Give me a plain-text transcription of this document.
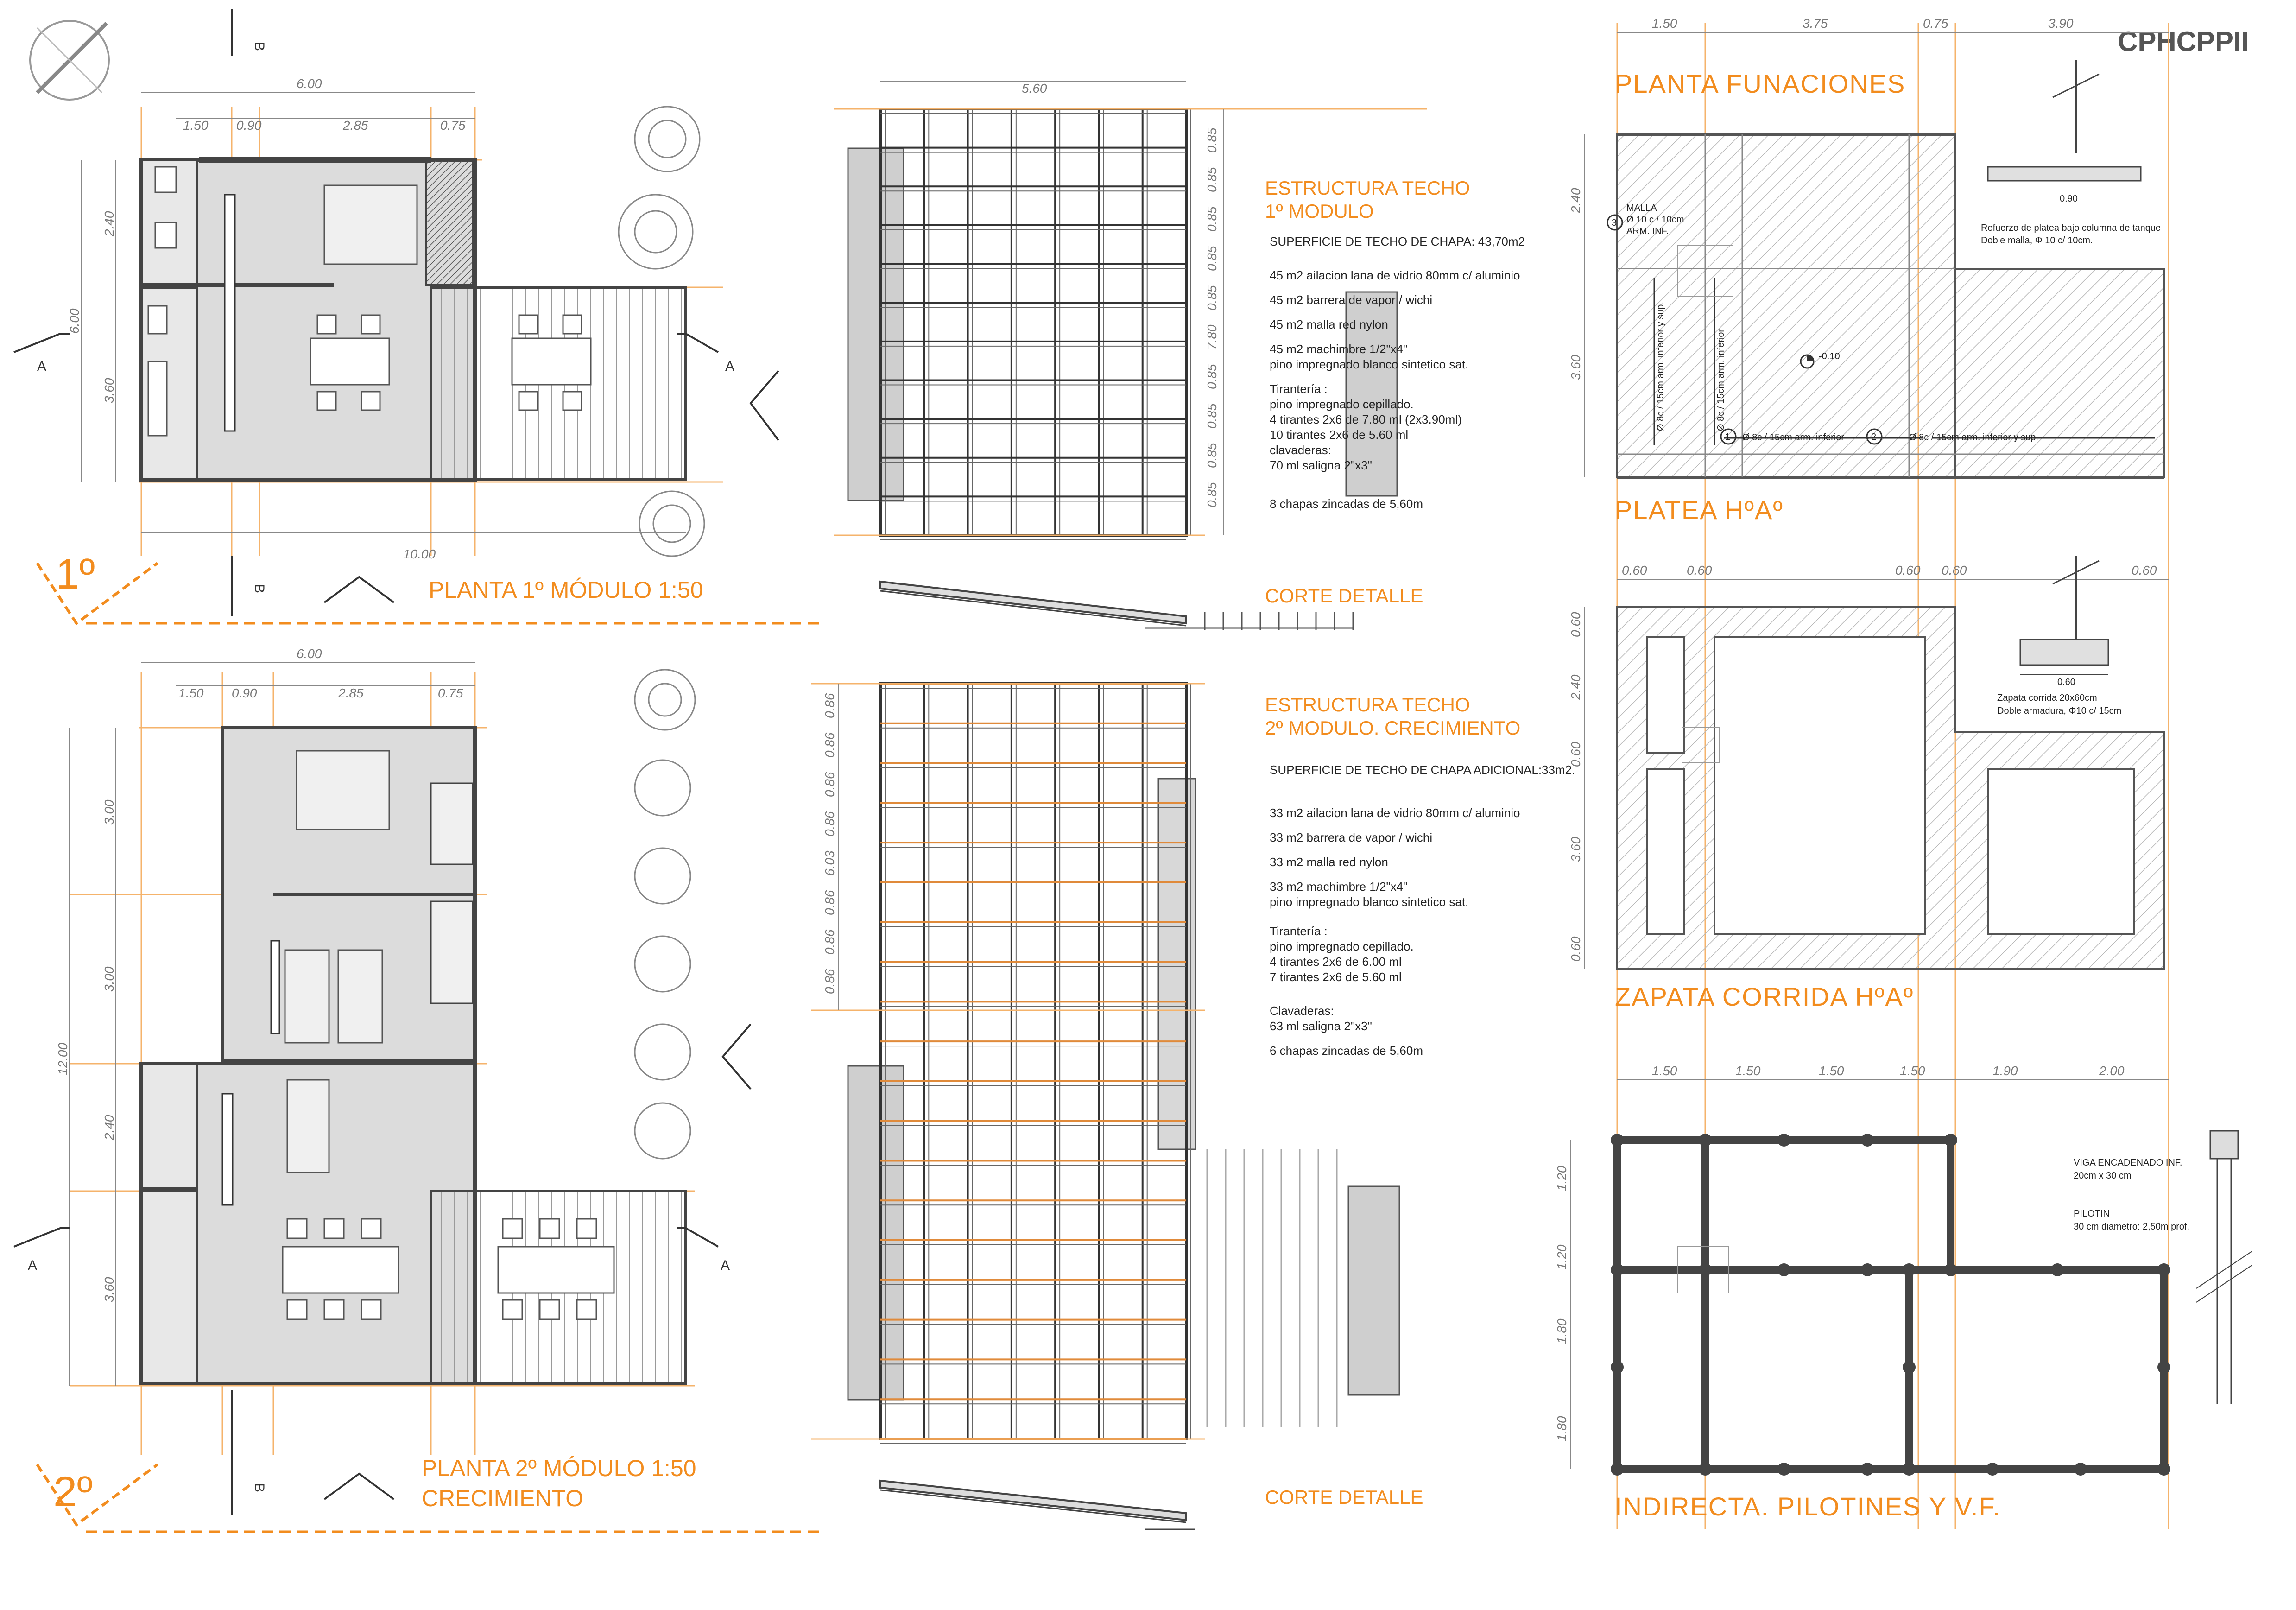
CPHCPPII
6.00
1.50 0.90	2.85	0.75
2.40
6.00
3.60
10.00
A	A
B
B
1º	PLANTA 1º MÓDULO 1:50
6.00
1.50 0.90	2.85	0.75
3.00
3.00
12.00
2.40
3.60
A	A
B
2º	PLANTA 2º MÓDULO 1:50
CRECIMIENTO
5.60
0.85
0.85
0.85
0.85
0.85
7.80
0.85
0.85
0.85
0.85
ESTRUCTURA TECHO
1º MODULO
SUPERFICIE DE TECHO DE CHAPA: 43,70m2
45 m2 ailacion lana de vidrio 80mm c/ aluminio
45 m2 barrera de vapor / wichi
45 m2 malla red nylon
45 m2 machimbre 1/2"x4"
pino impregnado blanco sintetico sat.
Tirantería :
pino impregnado cepillado.
4 tirantes 2x6 de 7.80 ml (2x3.90ml)
10 tirantes 2x6 de 5.60 ml
clavaderas:
70 ml saligna 2"x3"
8 chapas zincadas de 5,60m
CORTE DETALLE
0.86
0.86
0.86
0.86
6.03
0.86
0.86
0.86
ESTRUCTURA TECHO
2º MODULO. CRECIMIENTO
SUPERFICIE DE TECHO DE CHAPA ADICIONAL:33m2.
33 m2 ailacion lana de vidrio 80mm c/ aluminio
33 m2 barrera de vapor / wichi
33 m2 malla red nylon
33 m2 machimbre 1/2"x4"
pino impregnado blanco sintetico sat.
Tirantería :
pino impregnado cepillado.
4 tirantes 2x6 de 6.00 ml
7 tirantes 2x6 de 5.60 ml
Clavaderas:
63 ml saligna 2"x3"
6 chapas zincadas de 5,60m
CORTE DETALLE
1.50	3.75	0.75	3.90
PLANTA FUNACIONES
2.40
3.60
3
MALLA
Ø 10 c / 10cm
ARM. INF.
1	2
Ø 8c / 15cm arm. inferior	Ø 8c / 15cm arm. inferior y sup.
Ø 8c / 15cm arm. inferior y sup.	Ø 8c / 15cm arm. inferior	-0.10
0.90
Refuerzo de platea bajo columna de tanque
Doble malla, Φ 10 c/ 10cm.
PLATEA HºAº
0.60	0.60	0.60 0.60	0.60
0.60
2.40
0.60
3.60
0.60
0.60
Zapata corrida 20x60cm
Doble armadura, Φ10 c/ 15cm
ZAPATA CORRIDA HºAº
1.50	1.50	1.50	1.50	1.90	2.00
1.20
1.20
1.80
1.80
VIGA ENCADENADO INF.
20cm x 30 cm
PILOTIN
30 cm diametro: 2,50m prof.
INDIRECTA. PILOTINES Y V.F.
